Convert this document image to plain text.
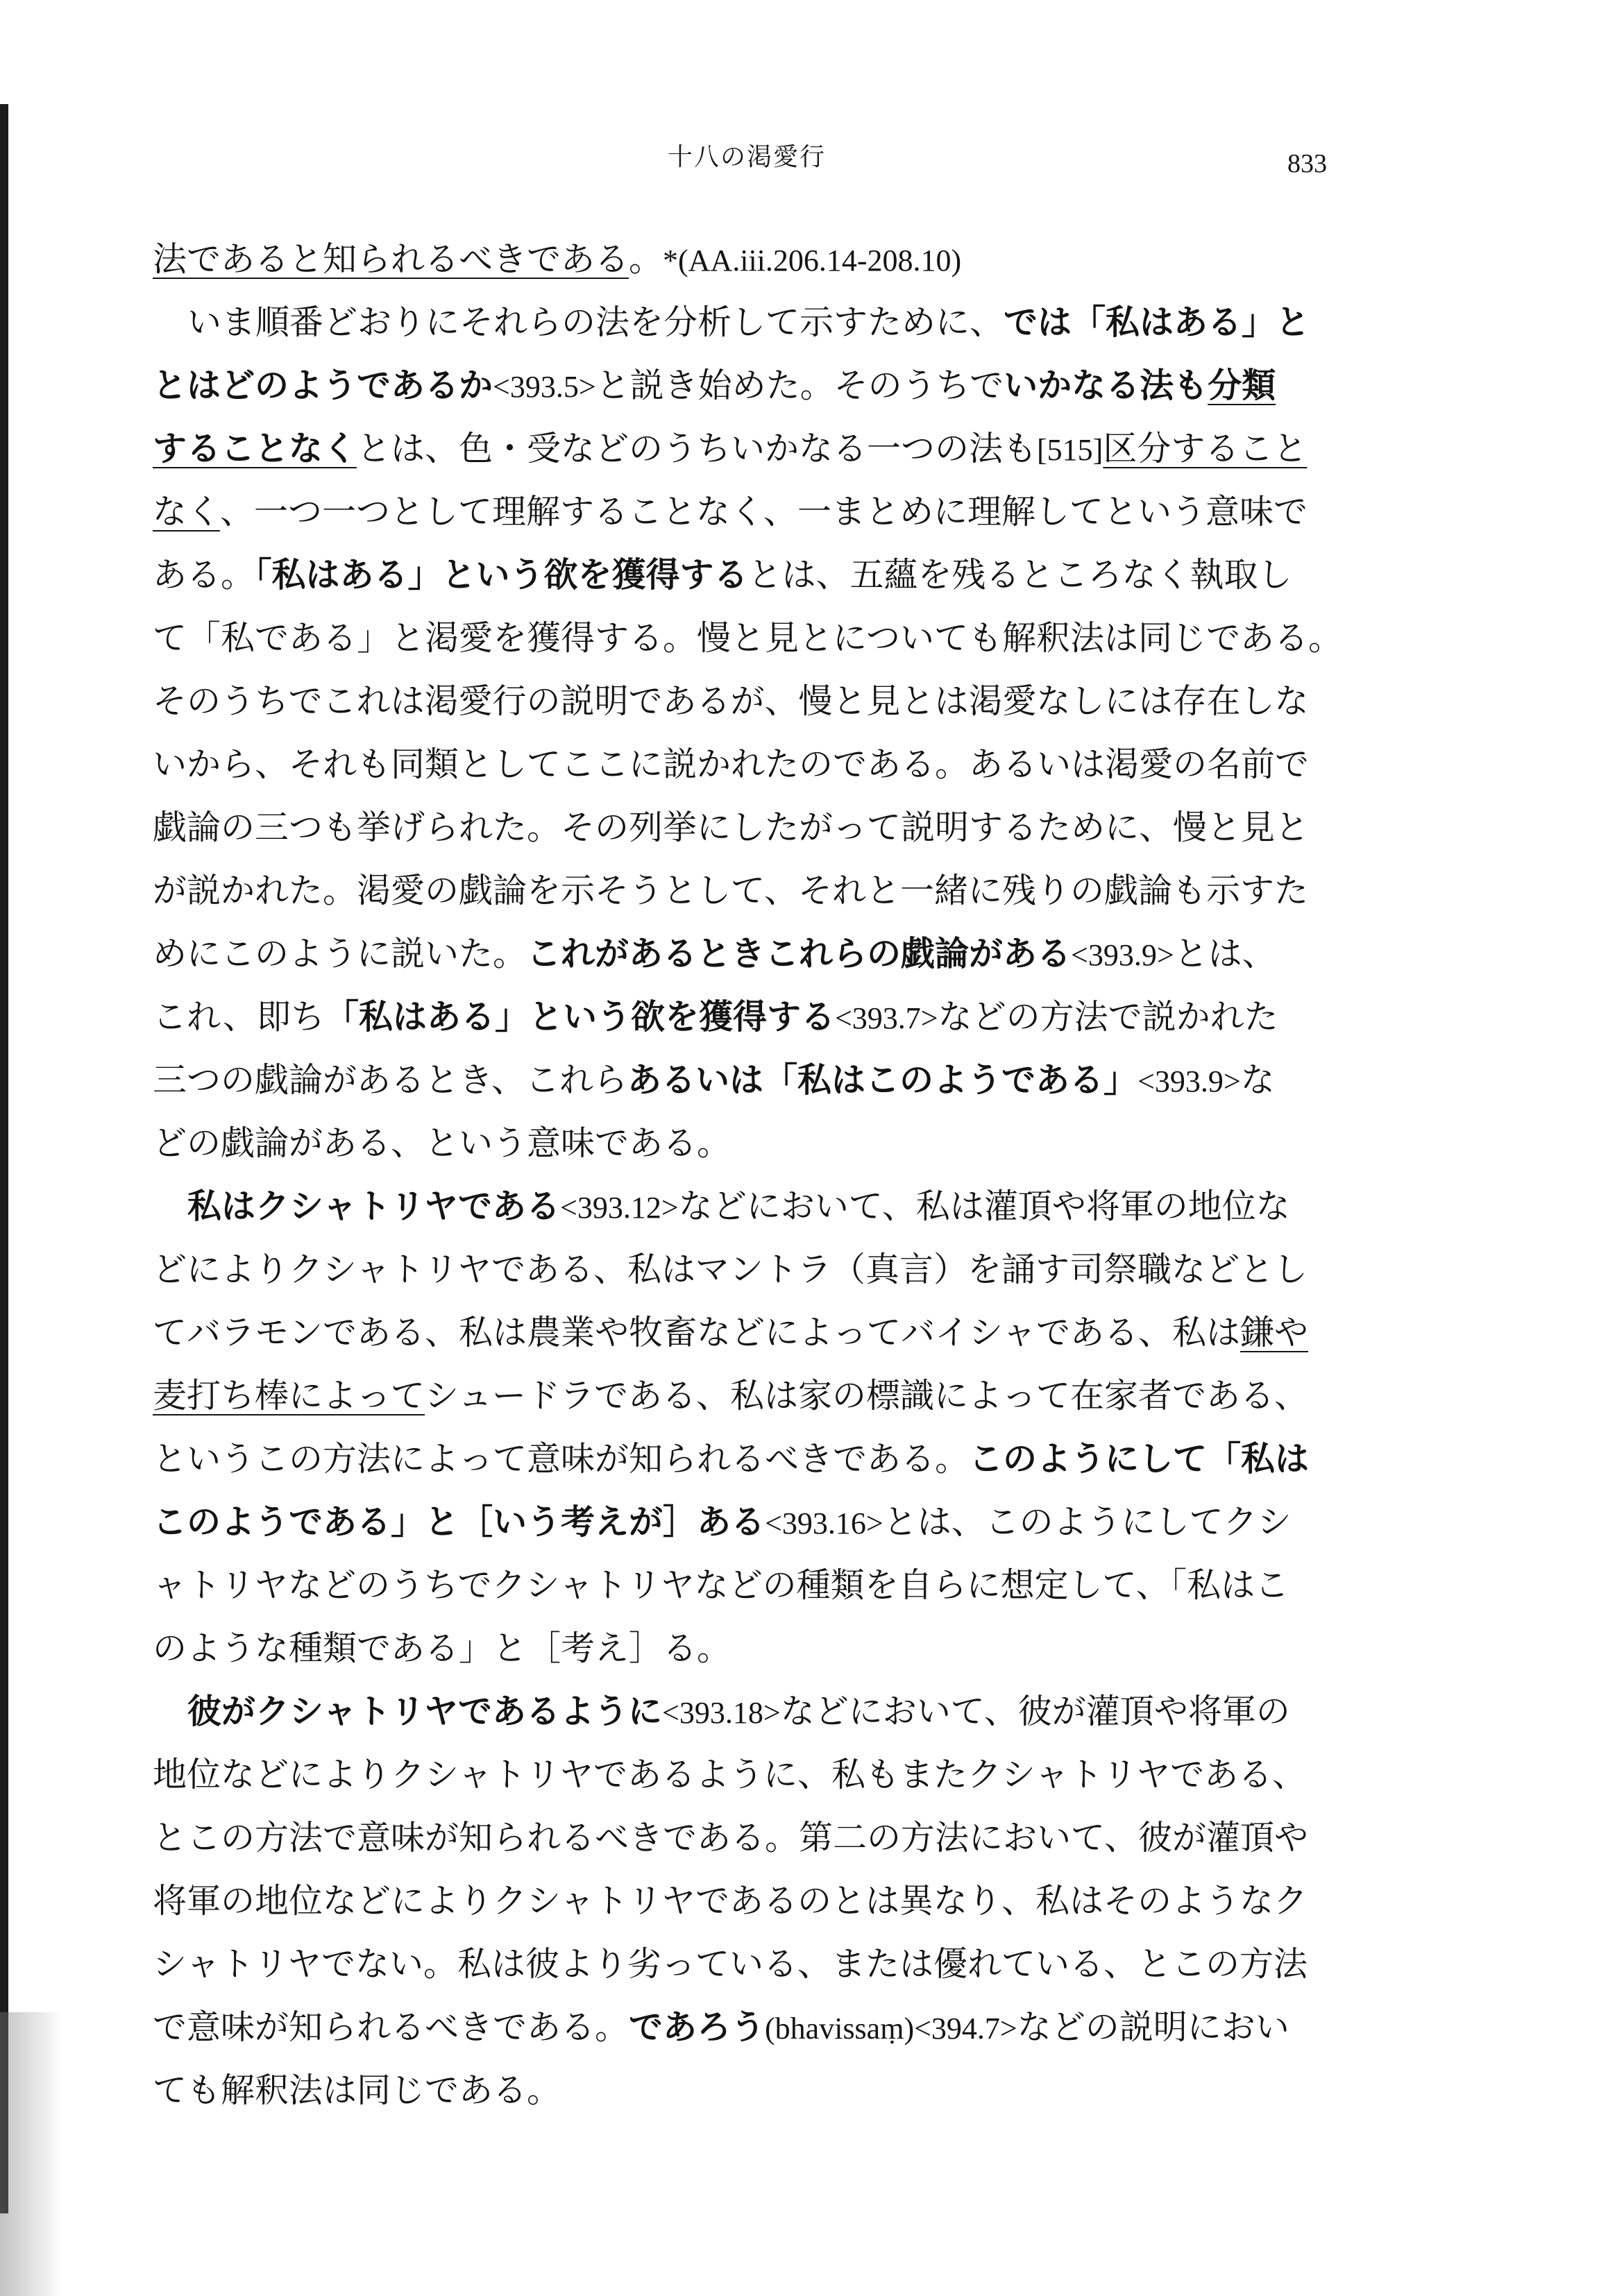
十八の渇愛行	833
法であると知られるべきである。*(AA.iii.206.14-208.10)
いま順番どおりにそれらの法を分析して示すために、では「私はある」と
とはどのようであるか<393.5>と説き始めた。そのうちでいかなる法も分類
することなくとは、色・受などのうちいかなる一つの法も[515]区分すること
なく、一つ一つとして理解することなく、一まとめに理解してという意味で
ある。「私はある」という欲を獲得するとは、五蘊を残るところなく執取し
て「私である」と渇愛を獲得する。慢と見とについても解釈法は同じである。
そのうちでこれは渇愛行の説明であるが、慢と見とは渇愛なしには存在しな
いから、それも同類としてここに説かれたのである。あるいは渇愛の名前で
戯論の三つも挙げられた。その列挙にしたがって説明するために、慢と見と
が説かれた。渇愛の戯論を示そうとして、それと一緒に残りの戯論も示すた
めにこのように説いた。これがあるときこれらの戯論がある<393.9>とは、
これ、即ち「私はある」という欲を獲得する<393.7>などの方法で説かれた
三つの戯論があるとき、これらあるいは「私はこのようである」<393.9>な
どの戯論がある、という意味である。
私はクシャトリヤである<393.12>などにおいて、私は灌頂や将軍の地位な
どによりクシャトリヤである、私はマントラ（真言）を誦す司祭職などとし
てバラモンである、私は農業や牧畜などによってバイシャである、私は鎌や
麦打ち棒によってシュードラである、私は家の標識によって在家者である、
というこの方法によって意味が知られるべきである。このようにして「私は
このようである」と［いう考えが］ある<393.16>とは、このようにしてクシ
ャトリヤなどのうちでクシャトリヤなどの種類を自らに想定して、「私はこ
のような種類である」と［考え］る。
彼がクシャトリヤであるように<393.18>などにおいて、彼が灌頂や将軍の
地位などによりクシャトリヤであるように、私もまたクシャトリヤである、
とこの方法で意味が知られるべきである。第二の方法において、彼が灌頂や
将軍の地位などによりクシャトリヤであるのとは異なり、私はそのようなク
シャトリヤでない。私は彼より劣っている、または優れている、とこの方法
で意味が知られるべきである。であろう(bhavissaṃ)<394.7>などの説明におい
ても解釈法は同じである。
